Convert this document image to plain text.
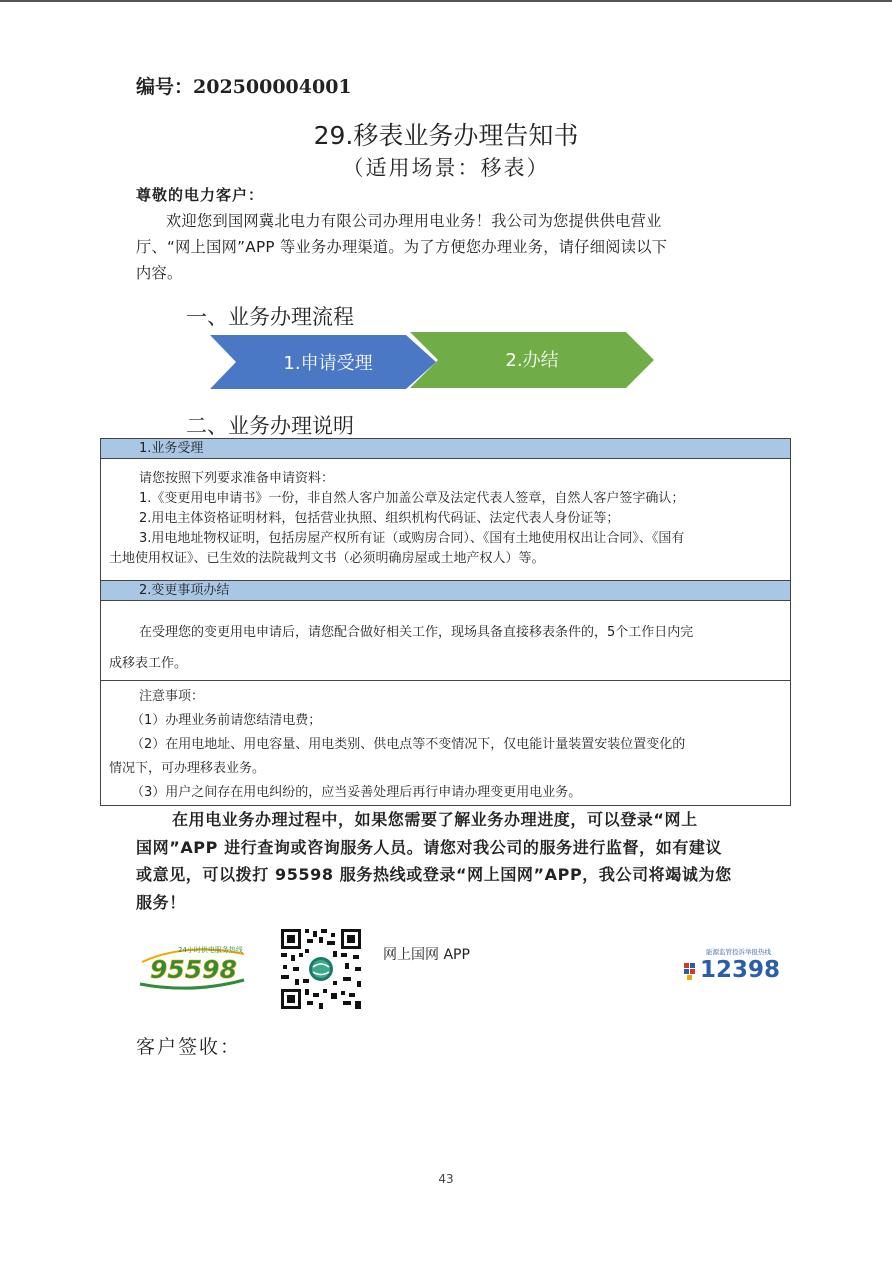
编号：202500004001
29.移表业务办理告知书
（适用场景：移表）
尊敬的电力客户：
欢迎您到国网冀北电力有限公司办理用电业务！我公司为您提供供电营业
厅、“网上国网”APP 等业务办理渠道。为了方便您办理业务，请仔细阅读以下
内容。
一、业务办理流程
1.申请受理	2.办结
二、业务办理说明
1.业务受理
请您按照下列要求准备申请资料：
1.《变更用电申请书》一份，非自然人客户加盖公章及法定代表人签章，自然人客户签字确认；
2.用电主体资格证明材料，包括营业执照、组织机构代码证、法定代表人身份证等；
3.用电地址物权证明，包括房屋产权所有证（或购房合同）、《国有土地使用权出让合同》、《国有
土地使用权证》、已生效的法院裁判文书（必须明确房屋或土地产权人）等。
2.变更事项办结
在受理您的变更用电申请后，请您配合做好相关工作，现场具备直接移表条件的，5个工作日内完
成移表工作。
注意事项：
（1）办理业务前请您结清电费；
（2）在用电地址、用电容量、用电类别、供电点等不变情况下，仅电能计量装置安装位置变化的
情况下，可办理移表业务。
（3）用户之间存在用电纠纷的，应当妥善处理后再行申请办理变更用电业务。
在用电业务办理过程中，如果您需要了解业务办理进度，可以登录“网上
国网”APP 进行查询或咨询服务人员。请您对我公司的服务进行监督，如有建议
或意见，可以拨打 95598 服务热线或登录“网上国网”APP，我公司将竭诚为您
服务！
24小时供电服务热线
95598	网上国网 APP	能源监管投诉举报热线
12398
客户签收：
43
